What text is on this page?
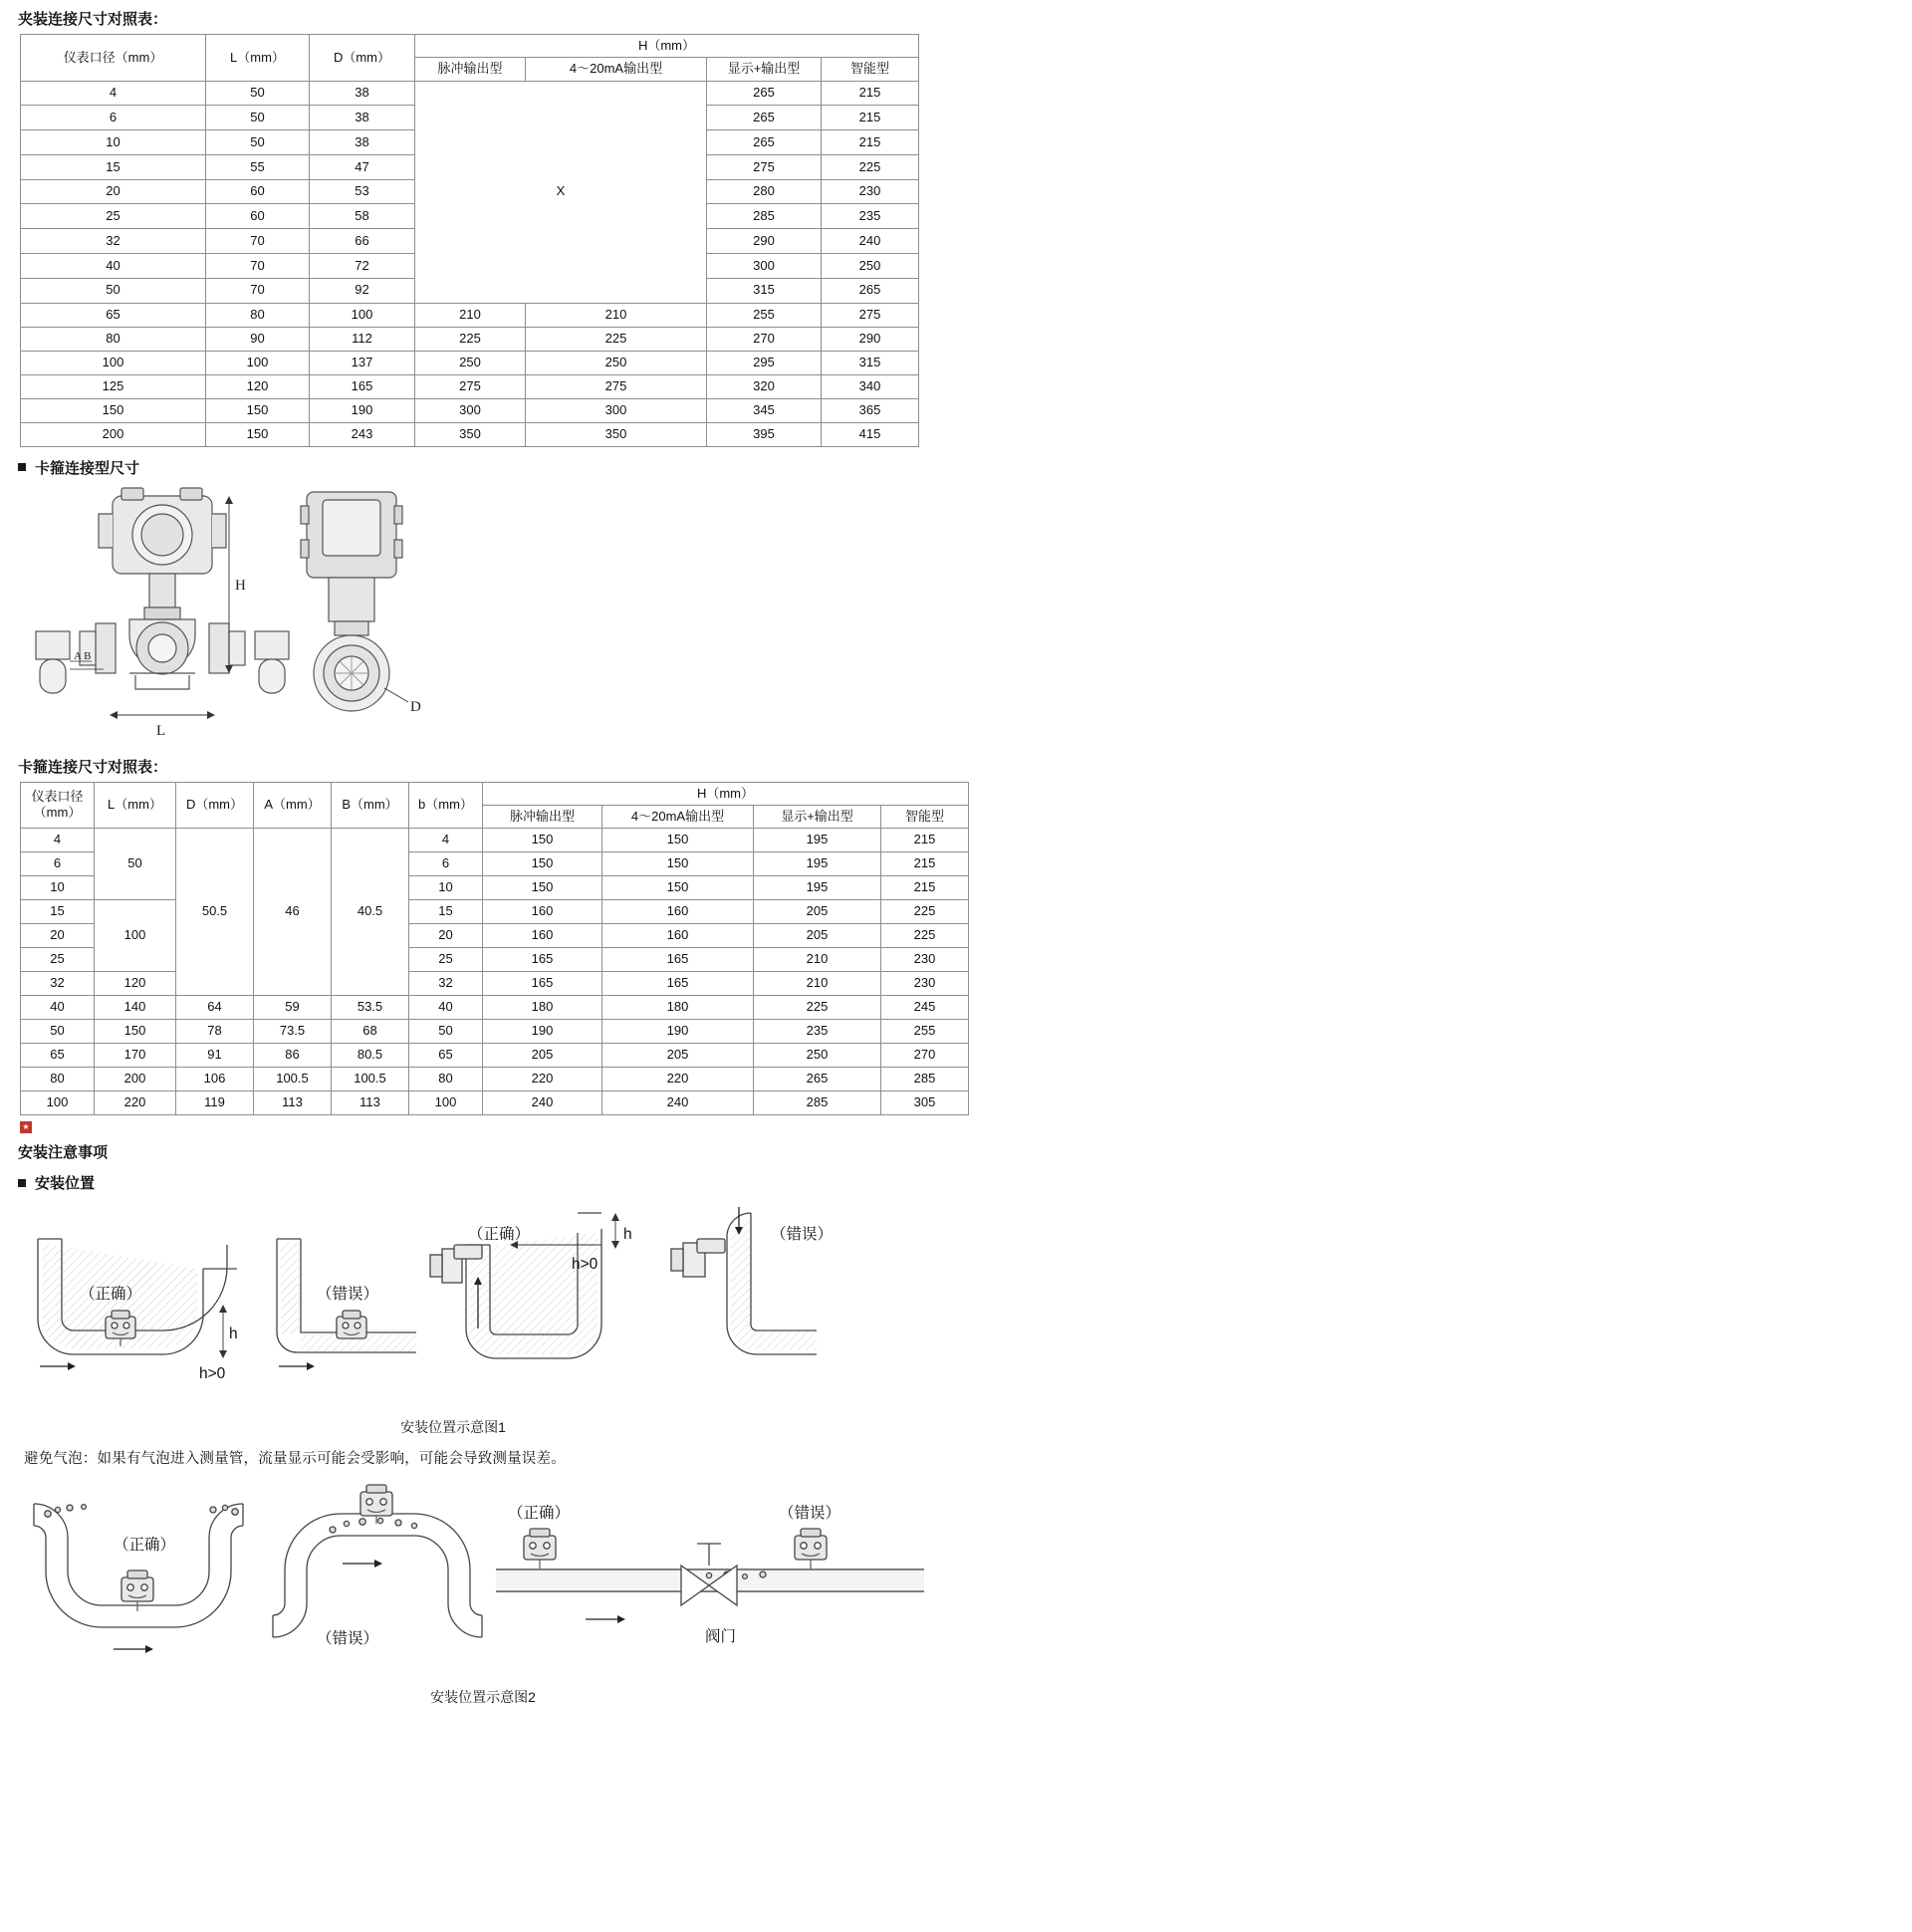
夹装连接尺寸对照表：
仪表口径（mm）	L（mm）	D（mm）	H（mm）			
			脉冲输出型	4～20mA输出型	显示+输出型	智能型
4	50	38	X		265	215
6	50	38			265	215
10	50	38			265	215
15	55	47			275	225
20	60	53			280	230
25	60	58			285	235
32	70	66			290	240
40	70	72			300	250
50	70	92			315	265
65	80	100	210	210	255	275
80	90	112	225	225	270	290
100	100	137	250	250	295	315
125	120	165	275	275	320	340
150	150	190	300	300	345	365
200	150	243	350	350	395	415
卡箍连接型尺寸
H
L
A B
D
卡箍连接尺寸对照表：
仪表口径（mm）	L（mm）	D（mm）	A（mm）	B（mm）	b（mm）	H（mm）			
						脉冲输出型	4～20mA输出型	显示+输出型	智能型
4	50	50.5	46	40.5	4	150	150	195	215
6					6	150	150	195	215
10					10	150	150	195	215
15	100				15	160	160	205	225
20					20	160	160	205	225
25					25	165	165	210	230
32	120				32	165	165	210	230
40	140	64	59	53.5	40	180	180	225	245
50	150	78	73.5	68	50	190	190	235	255
65	170	91	86	80.5	65	205	205	250	270
80	200	106	100.5	100.5	80	220	220	265	285
100	220	119	113	113	100	240	240	285	305
★
安装注意事项
安装位置
（正确）
h
h>0
（错误）
（正确）	h
h>0
（错误）
安装位置示意图1
避免气泡：如果有气泡进入测量管，流量显示可能会受影响，可能会导致测量误差。
（正确）
（错误）
（正确）	（错误）
阀门
安装位置示意图2
